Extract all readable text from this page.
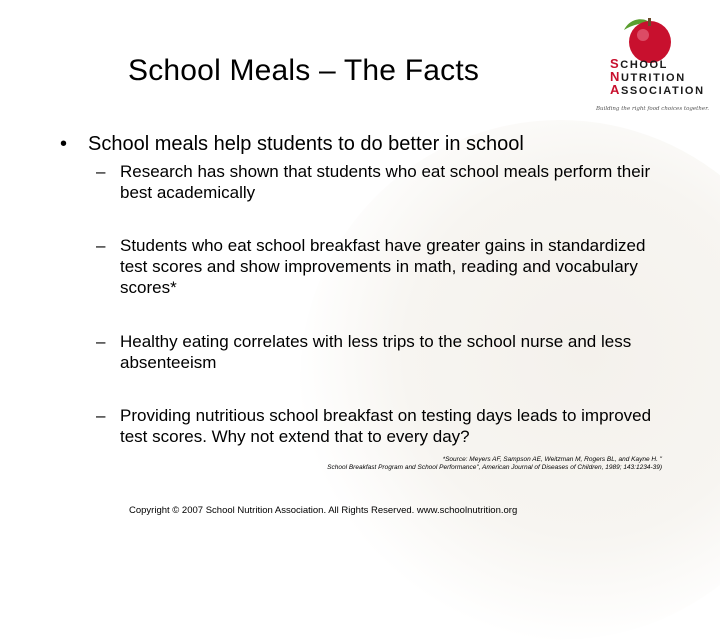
School Meals – The Facts	SCHOOL
NUTRITION
ASSOCIATION
Building the right food choices together.
• School meals help students to do better in school
– Research has shown that students who eat school meals perform their best academically
– Students who eat school breakfast have greater gains in standardized test scores and show improvements in math, reading and vocabulary scores*
– Healthy eating correlates with less trips to the school nurse and less absenteeism
– Providing nutritious school breakfast on testing days leads to improved test scores. Why not extend that to every day?
*Source: Meyers AF, Sampson AE, Weitzman M, Rogers BL, and Kayne H. "
School Breakfast Program and School Performance", American Journal of Diseases of Children, 1989; 143:1234-39)
Copyright © 2007 School Nutrition Association. All Rights Reserved. www.schoolnutrition.org
